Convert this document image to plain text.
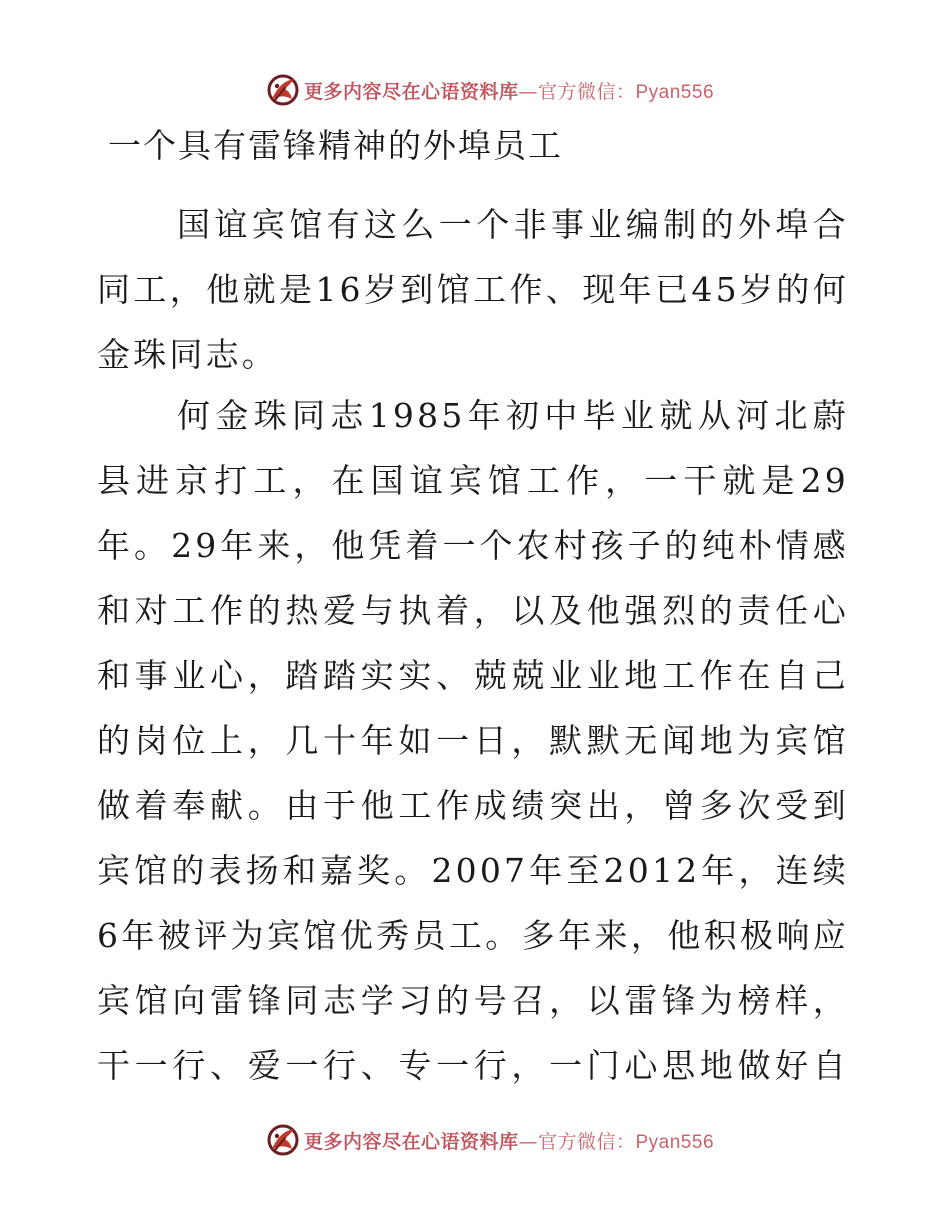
更多内容尽在心语资料库—官方微信：Pyan556
一个具有雷锋精神的外埠员工

国谊宾馆有这么一个非事业编制的外埠合同工，他就是16岁到馆工作、现年已45岁的何金珠同志。

何金珠同志1985年初中毕业就从河北蔚县进京打工，在国谊宾馆工作，一干就是29年。29年来，他凭着一个农村孩子的纯朴情感和对工作的热爱与执着，以及他强烈的责任心和事业心，踏踏实实、兢兢业业地工作在自己的岗位上，几十年如一日，默默无闻地为宾馆做着奉献。由于他工作成绩突出，曾多次受到宾馆的表扬和嘉奖。2007年至2012年，连续6年被评为宾馆优秀员工。多年来，他积极响应宾馆向雷锋同志学习的号召，以雷锋为榜样，干一行、爱一行、专一行，一门心思地做好自

更多内容尽在心语资料库—官方微信：Pyan556
